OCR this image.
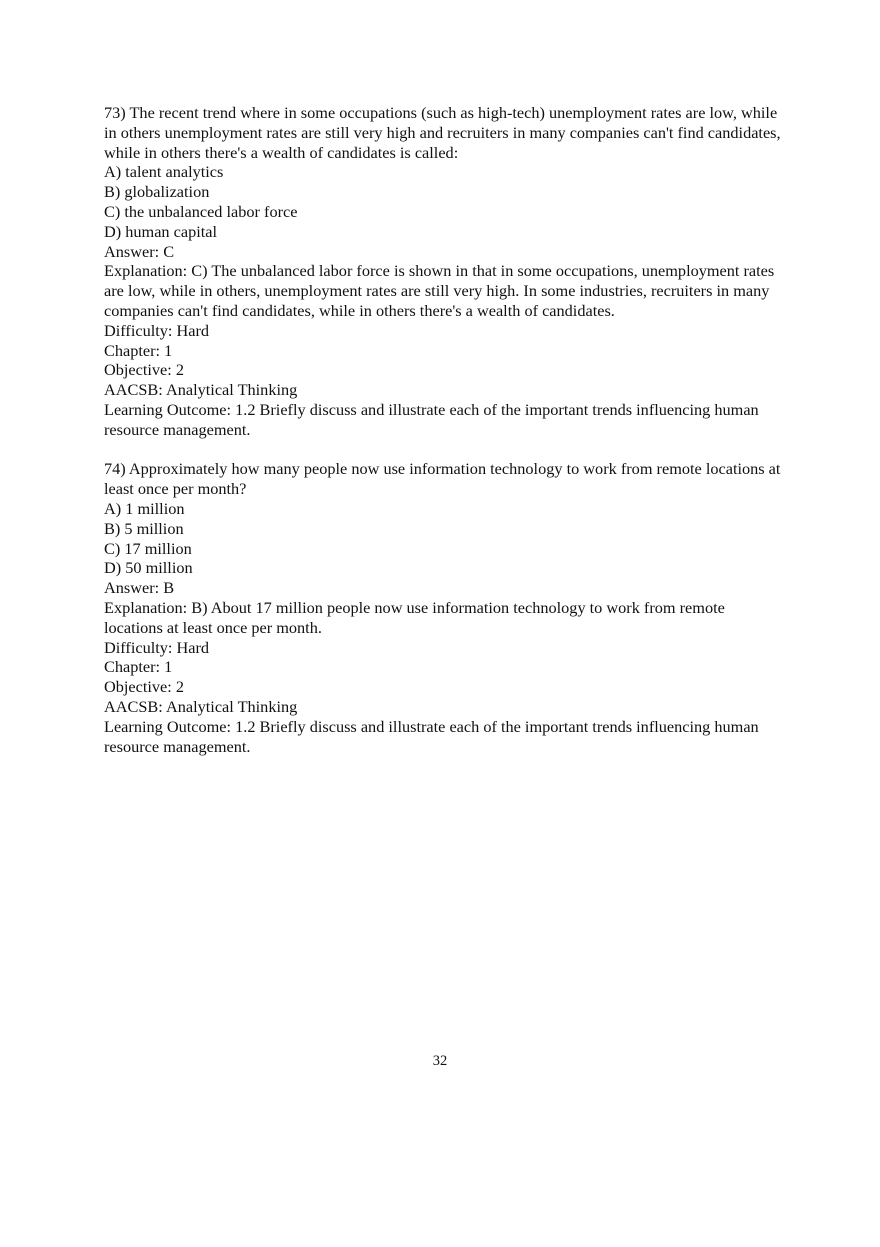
73) The recent trend where in some occupations (such as high-tech) unemployment rates are low, while in others unemployment rates are still very high and recruiters in many companies can't find candidates, while in others there's a wealth of candidates is called:
A) talent analytics
B) globalization
C) the unbalanced labor force
D) human capital
Answer: C
Explanation: C) The unbalanced labor force is shown in that in some occupations, unemployment rates are low, while in others, unemployment rates are still very high. In some industries, recruiters in many companies can't find candidates, while in others there's a wealth of candidates.
Difficulty: Hard
Chapter: 1
Objective: 2
AACSB: Analytical Thinking
Learning Outcome: 1.2 Briefly discuss and illustrate each of the important trends influencing human resource management.
74) Approximately how many people now use information technology to work from remote locations at least once per month?
A) 1 million
B) 5 million
C) 17 million
D) 50 million
Answer: B
Explanation: B) About 17 million people now use information technology to work from remote locations at least once per month.
Difficulty: Hard
Chapter: 1
Objective: 2
AACSB: Analytical Thinking
Learning Outcome: 1.2 Briefly discuss and illustrate each of the important trends influencing human resource management.
32
